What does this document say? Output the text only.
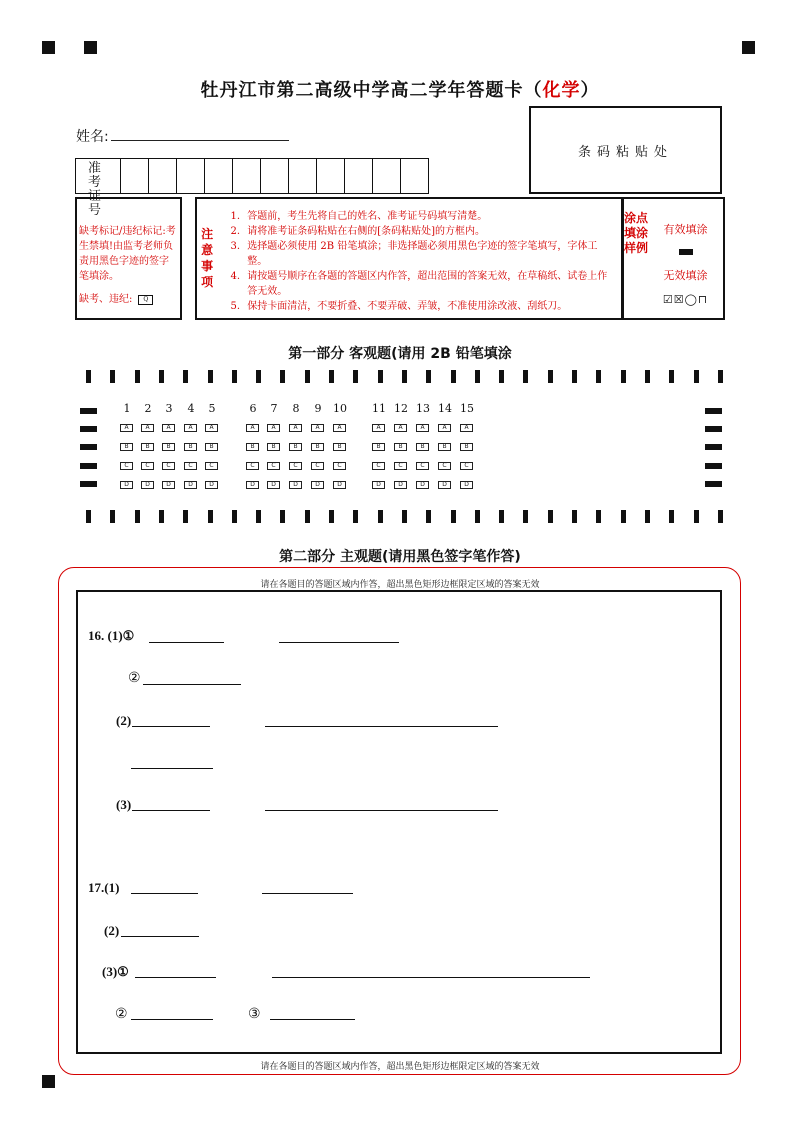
牡丹江市第二高级中学高二学年答题卡（化学）
姓名:
条码粘贴处
准 考
证 号
缺考标记/违纪标记:考生禁填!由监考老师负责用黑色字迹的签字笔填涂。
缺考、违纪: Q
注意事项
1. 答题前，考生先将自己的姓名、准考证号码填写清楚。
2. 请将准考证条码粘贴在右侧的[条码粘贴处]的方框内。
3. 选择题必须使用 2B 铅笔填涂；非选择题必须用黑色字迹的签字笔填写，字体工整。
4. 请按题号顺序在各题的答题区内作答，超出范围的答案无效，在草稿纸、试卷上作答无效。
5. 保持卡面清洁，不要折叠、不要弄破、弄皱，不准使用涂改液、刮纸刀。
涂点填涂样例
有效填涂
无效填涂
☑☒◯⊓
第一部分 客观题(请用 2B 铅笔填涂
1
A
B
C
D
2
A
B
C
D
3
A
B
C
D
4
A
B
C
D
5
A
B
C
D
6
A
B
C
D
7
A
B
C
D
8
A
B
C
D
9
A
B
C
D
10
A
B
C
D
11
A
B
C
D
12
A
B
C
D
13
A
B
C
D
14
A
B
C
D
15
A
B
C
D
第二部分 主观题(请用黑色签字笔作答)
请在各题目的答题区域内作答，超出黑色矩形边框限定区域的答案无效
请在各题目的答题区域内作答，超出黑色矩形边框限定区域的答案无效
16. (1)①
②
(2)
(3)
17.(1)
(2)
(3)①
②	③
